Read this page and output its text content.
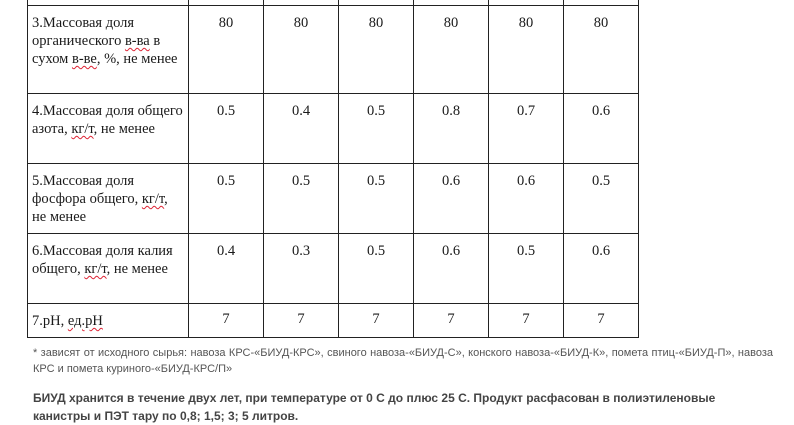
3.Массовая доля органического в-ва в сухом в-ве, %, не менее	80	80	80	80	80	80
4.Массовая доля общего азота, кг/т, не менее	0.5	0.4	0.5	0.8	0.7	0.6
5.Массовая доля фосфора общего, кг/т, не менее	0.5	0.5	0.5	0.6	0.6	0.5
6.Массовая доля калия общего, кг/т, не менее	0.4	0.3	0.5	0.6	0.5	0.6
7.рН, ед.рН	7	7	7	7	7	7

* зависят от исходного сырья: навоза КРС-«БИУД-КРС», свиного навоза-«БИУД-С», конского навоза-«БИУД-К», помета птиц-«БИУД-П», навоза КРС и помета куриного-«БИУД-КРС/П»

БИУД хранится в течение двух лет, при температуре от 0 С до плюс 25 С. Продукт расфасован в полиэтиленовые канистры и ПЭТ тару по 0,8; 1,5; 3; 5 литров.
